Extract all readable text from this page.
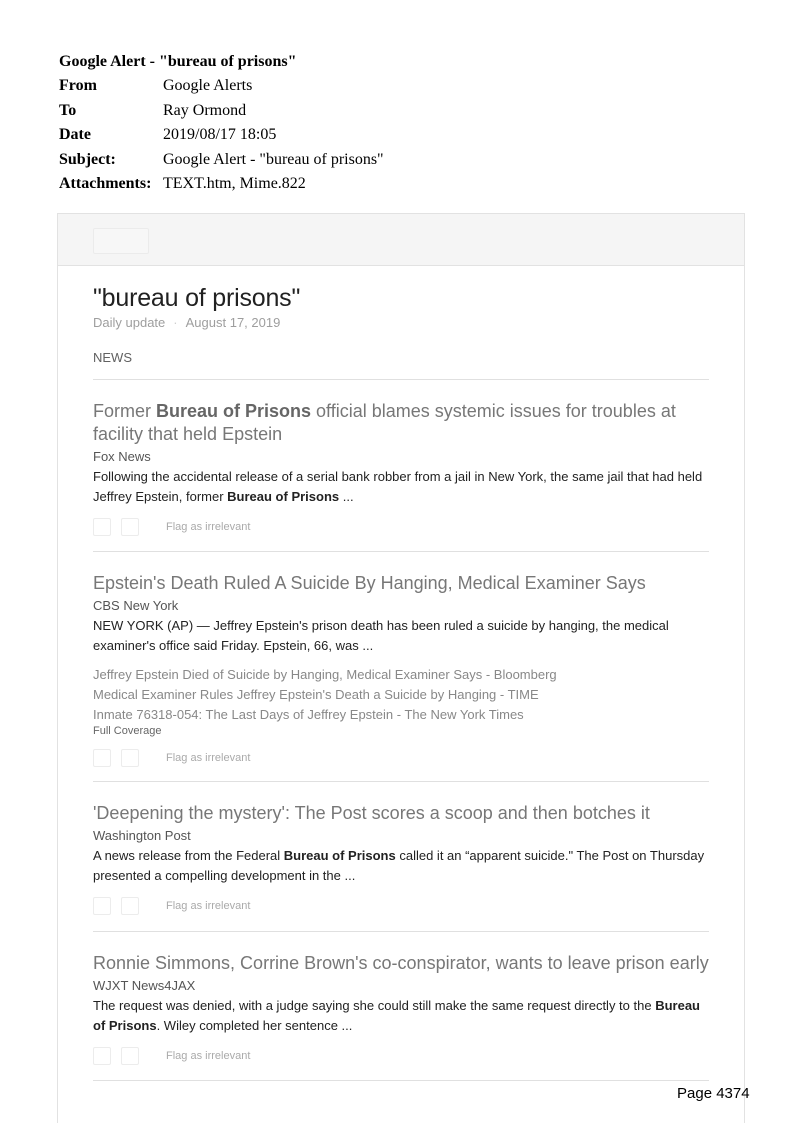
Google Alert - "bureau of prisons"
From	Google Alerts
To	Ray Ormond
Date	2019/08/17 18:05
Subject:	Google Alert - "bureau of prisons"
Attachments: TEXT.htm, Mime.822
"bureau of prisons"
Daily update · August 17, 2019
NEWS
Former Bureau of Prisons official blames systemic issues for troubles at facility that held Epstein
Fox News
Following the accidental release of a serial bank robber from a jail in New York, the same jail that had held Jeffrey Epstein, former Bureau of Prisons ...
Flag as irrelevant
Epstein's Death Ruled A Suicide By Hanging, Medical Examiner Says
CBS New York
NEW YORK (AP) — Jeffrey Epstein's prison death has been ruled a suicide by hanging, the medical examiner's office said Friday. Epstein, 66, was ...
Jeffrey Epstein Died of Suicide by Hanging, Medical Examiner Says - Bloomberg
Medical Examiner Rules Jeffrey Epstein's Death a Suicide by Hanging - TIME
Inmate 76318-054: The Last Days of Jeffrey Epstein - The New York Times
Full Coverage
Flag as irrelevant
'Deepening the mystery': The Post scores a scoop and then botches it
Washington Post
A news release from the Federal Bureau of Prisons called it an “apparent suicide." The Post on Thursday presented a compelling development in the ...
Flag as irrelevant
Ronnie Simmons, Corrine Brown's co-conspirator, wants to leave prison early
WJXT News4JAX
The request was denied, with a judge saying she could still make the same request directly to the Bureau of Prisons. Wiley completed her sentence ...
Flag as irrelevant
Page 4374
